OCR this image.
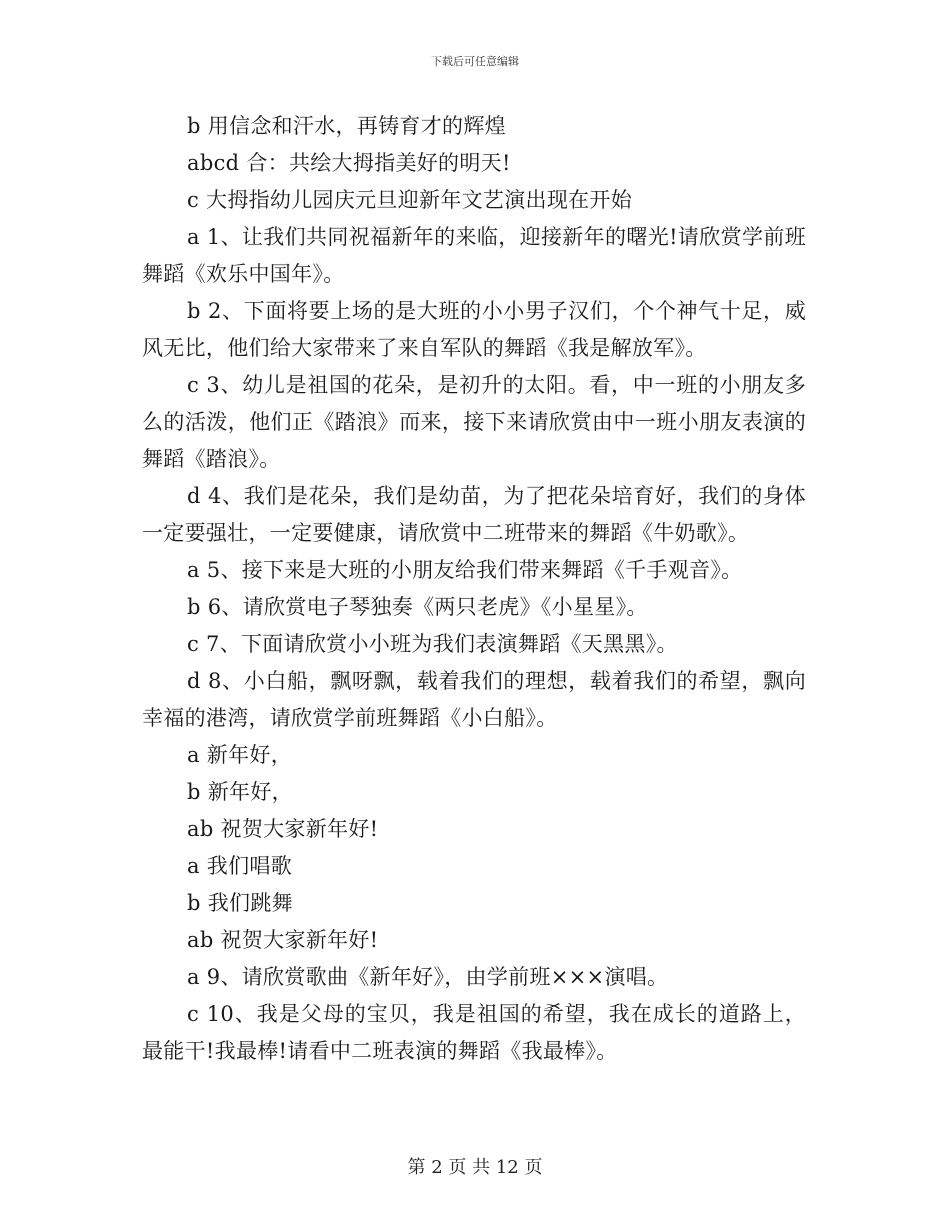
下载后可任意编辑

b 用信念和汗水，再铸育才的辉煌

abcd 合：共绘大拇指美好的明天!

c 大拇指幼儿园庆元旦迎新年文艺演出现在开始

a 1、让我们共同祝福新年的来临，迎接新年的曙光!请欣赏学前班舞蹈《欢乐中国年》。

b 2、下面将要上场的是大班的小小男子汉们，个个神气十足，威风无比，他们给大家带来了来自军队的舞蹈《我是解放军》。

c 3、幼儿是祖国的花朵，是初升的太阳。看，中一班的小朋友多么的活泼，他们正《踏浪》而来，接下来请欣赏由中一班小朋友表演的舞蹈《踏浪》。

d 4、我们是花朵，我们是幼苗，为了把花朵培育好，我们的身体一定要强壮，一定要健康，请欣赏中二班带来的舞蹈《牛奶歌》。

a 5、接下来是大班的小朋友给我们带来舞蹈《千手观音》。

b 6、请欣赏电子琴独奏《两只老虎》《小星星》。

c 7、下面请欣赏小小班为我们表演舞蹈《天黑黑》。

d 8、小白船，飘呀飘，载着我们的理想，载着我们的希望，飘向幸福的港湾，请欣赏学前班舞蹈《小白船》。

a 新年好，

b 新年好，

ab 祝贺大家新年好!

a 我们唱歌

b 我们跳舞

ab 祝贺大家新年好!

a 9、请欣赏歌曲《新年好》，由学前班×××演唱。

c 10、我是父母的宝贝，我是祖国的希望，我在成长的道路上，最能干!我最棒!请看中二班表演的舞蹈《我最棒》。

第 2 页 共 12 页
